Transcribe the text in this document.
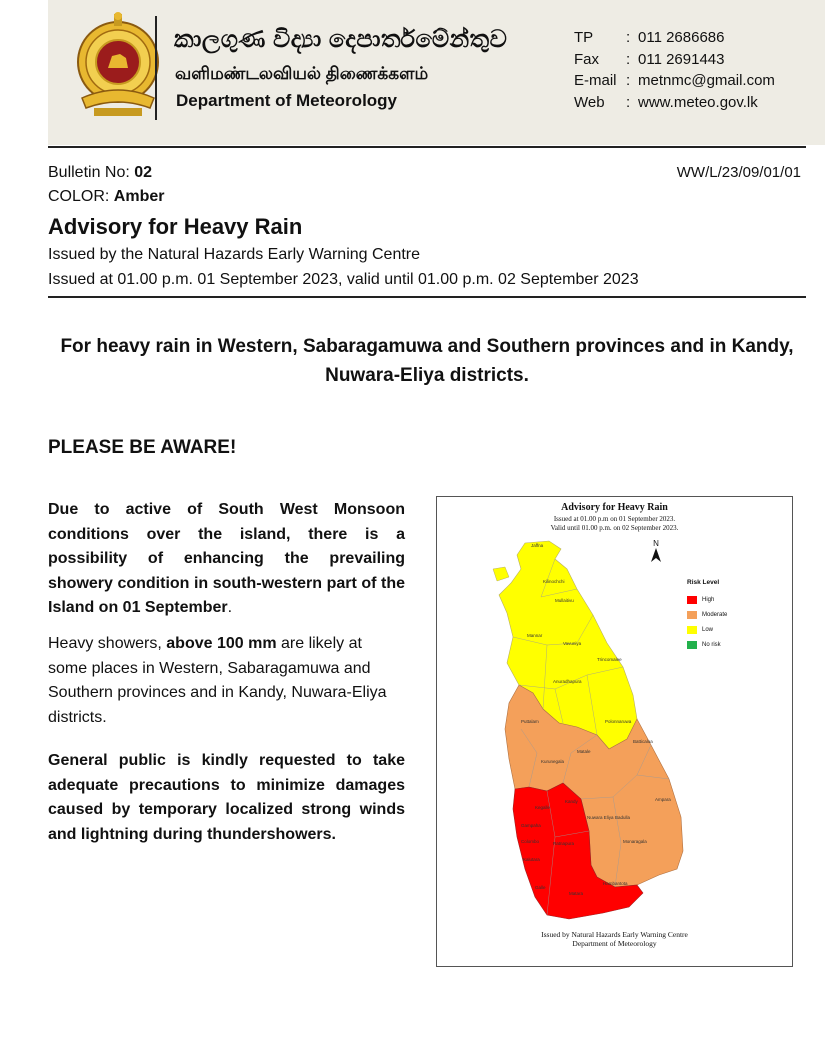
කාලගුණ විද්‍යා දෙපාර්තමේන්තුව
வளிமண்டலவியல் திணைக்களம்
Department of Meteorology
TP	: 011 2686686
Fax	: 011 2691443
E-mail : metnmc@gmail.com
Web	: www.meteo.gov.lk
Bulletin No: 02	WW/L/23/09/01/01
COLOR: Amber
Advisory for Heavy Rain
Issued by the Natural Hazards Early Warning Centre
Issued at 01.00 p.m. 01 September 2023, valid until 01.00 p.m. 02 September 2023
For heavy rain in Western, Sabaragamuwa and Southern provinces and in Kandy, Nuwara-Eliya districts.
PLEASE BE AWARE!
Due to active of South West Monsoon conditions over the island, there is a possibility of enhancing the prevailing showery condition in south-western part of the Island on 01 September.
Heavy showers, above 100 mm are likely at some places in Western, Sabaragamuwa and Southern provinces and in Kandy, Nuwara-Eliya districts.
General public is kindly requested to take adequate precautions to minimize damages caused by temporary localized strong winds and lightning during thundershowers.
Advisory for Heavy Rain
Issued at 01.00 p.m on 01 September 2023.
Valid until 01.00 p.m. on 02 September 2023.
N
Jaffna
Kilinochchi
Mullaitivu
Mannar
Vavuniya
Trincomalee
Anuradhapura
Puttalam	Polonnaruwa
Kurunegala
Matale
Batticaloa
Kegalle
Kandy	Ampara
Gampaha
Colombo
Nuwara Eliya Badulla
Ratnapura
Kalutara
Monaragala
Galle
Matara
Hambantota
Risk Level
High
Moderate
Low
No risk
Issued by Natural Hazards Early Warning Centre
Department of Meteorology
